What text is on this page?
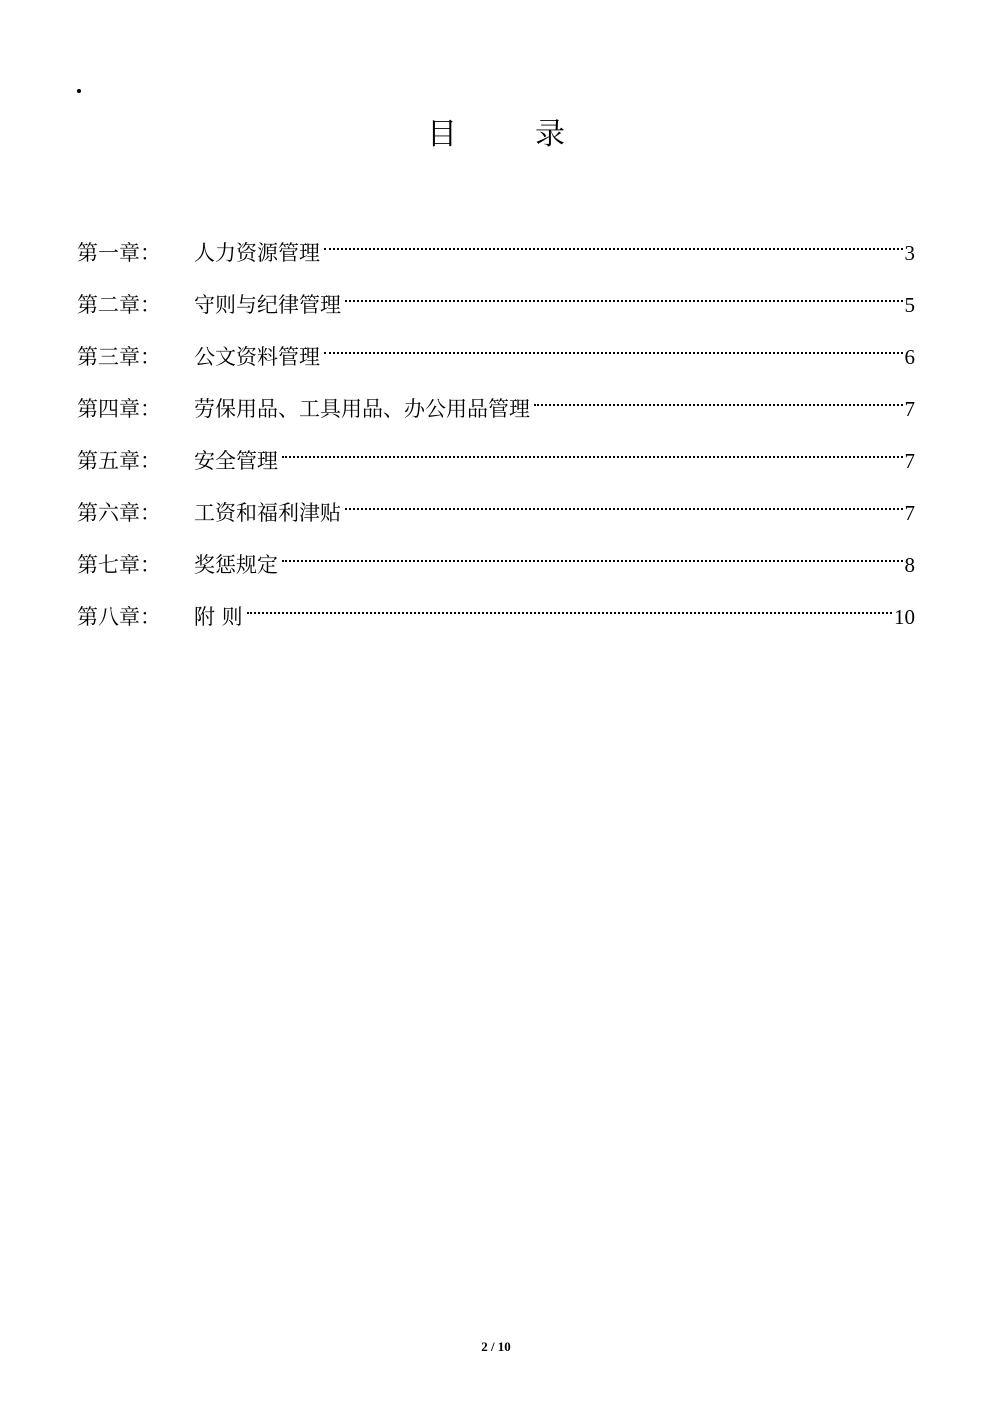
目	录
第一章：	人力资源管理	3
第二章：	守则与纪律管理	5
第三章：	公文资料管理	6
第四章：	劳保用品、工具用品、办公用品管理	7
第五章：	安全管理	7
第六章：	工资和福利津贴	7
第七章：	奖惩规定	8
第八章：	附 则	10
2 / 10
